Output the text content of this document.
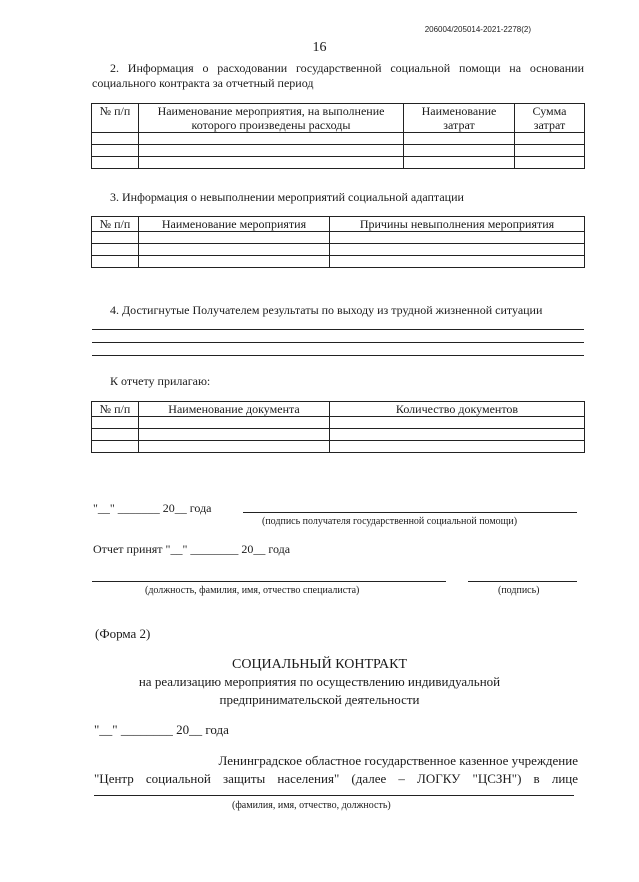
206004/205014-2021-2278(2)
16
2. Информация о расходовании государственной социальной помощи на основании социального контракта за отчетный период
№ п/п	Наименование мероприятия, на выполнение которого произведены расходы	Наименование затрат	Сумма затрат

3. Информация о невыполнении мероприятий социальной адаптации
№ п/п	Наименование мероприятия	Причины невыполнения мероприятия

4. Достигнутые Получателем результаты по выходу из трудной жизненной ситуации
К отчету прилагаю:
№ п/п	Наименование документа	Количество документов

"__" _______ 20__ года
(подпись получателя государственной социальной помощи)
Отчет принят "__" ________ 20__ года
(должность, фамилия, имя, отчество специалиста)	(подпись)
(Форма 2)
СОЦИАЛЬНЫЙ КОНТРАКТ
на реализацию мероприятия по осуществлению индивидуальной
предпринимательской деятельности
"__" ________ 20__ года
Ленинградское областное государственное казенное учреждение
"Центр социальной защиты населения" (далее – ЛОГКУ "ЦСЗН") в лице
(фамилия, имя, отчество, должность)
